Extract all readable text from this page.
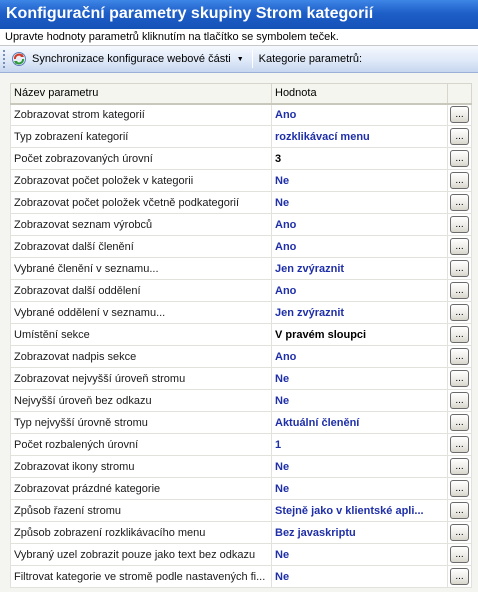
Konfigurační parametry skupiny Strom kategorií
Upravte hodnoty parametrů kliknutím na tlačítko se symbolem teček.
Synchronizace konfigurace webové části ▼ Kategorie parametrů:
Název parametru	Hodnota	
Zobrazovat strom kategorií	Ano	...
Typ zobrazení kategorií	rozklikávací menu	...
Počet zobrazovaných úrovní	3	...
Zobrazovat počet položek v kategorii	Ne	...
Zobrazovat počet položek včetně podkategorií	Ne	...
Zobrazovat seznam výrobců	Ano	...
Zobrazovat další členění	Ano	...
Vybrané členění v seznamu...	Jen zvýraznit	...
Zobrazovat další oddělení	Ano	...
Vybrané oddělení v seznamu...	Jen zvýraznit	...
Umístění sekce	V pravém sloupci	...
Zobrazovat nadpis sekce	Ano	...
Zobrazovat nejvyšší úroveň stromu	Ne	...
Nejvyšší úroveň bez odkazu	Ne	...
Typ nejvyšší úrovně stromu	Aktuální členění	...
Počet rozbalených úrovní	1	...
Zobrazovat ikony stromu	Ne	...
Zobrazovat prázdné kategorie	Ne	...
Způsob řazení stromu	Stejně jako v klientské apli...	...
Způsob zobrazení rozklikávacího menu	Bez javaskriptu	...
Vybraný uzel zobrazit pouze jako text bez odkazu	Ne	...
Filtrovat kategorie ve stromě podle nastavených fi...	Ne	...
